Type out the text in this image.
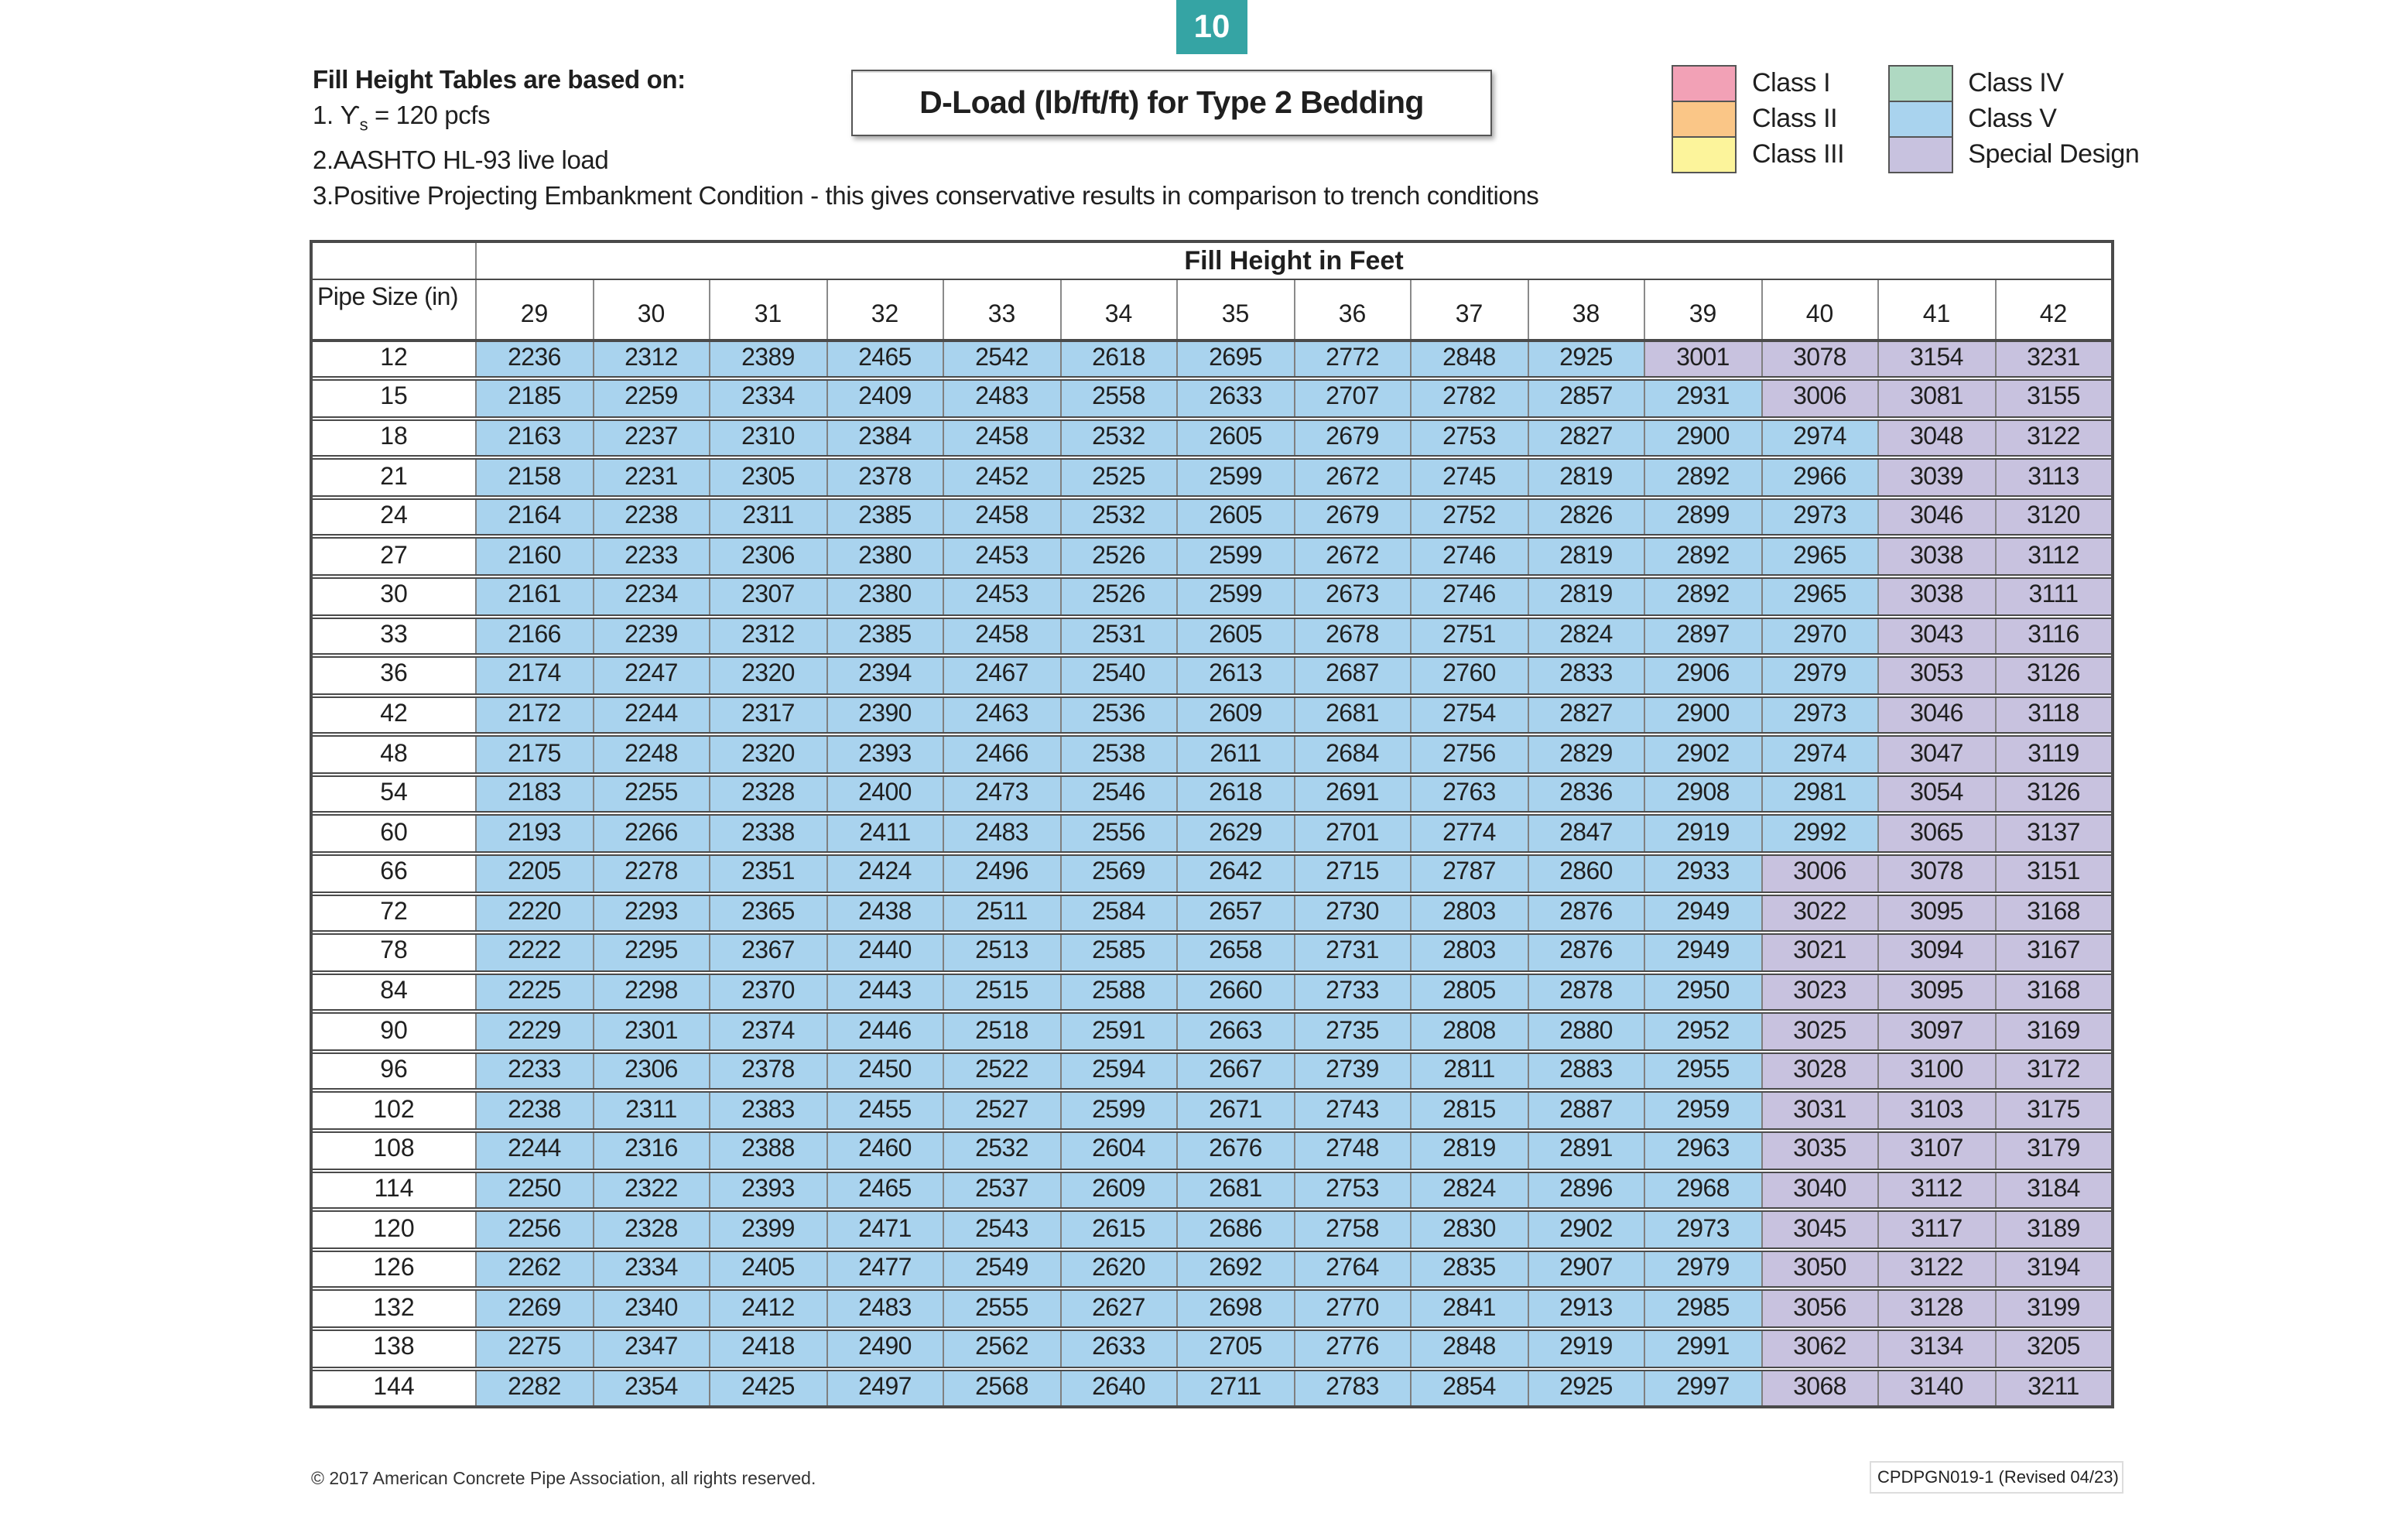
10
Fill Height Tables are based on:
1. $ϒ_s = 120$ pcfs
2.AASHTO HL-93 live load
3.Positive Projecting Embankment Condition - this gives conservative results in comparison to trench conditions
D-Load (lb/ft/ft) for Type 2 Bedding
Class I
Class II
Class III
Class IV
Class V
Special Design
Fill Height in Feet
Pipe Size (in)
29	30	31	32	33	34	35	36	37	38	39	40	41	42
12	2236	2312	2389	2465	2542	2618	2695	2772	2848	2925	3001	3078	3154	3231
15	2185	2259	2334	2409	2483	2558	2633	2707	2782	2857	2931	3006	3081	3155
18	2163	2237	2310	2384	2458	2532	2605	2679	2753	2827	2900	2974	3048	3122
21	2158	2231	2305	2378	2452	2525	2599	2672	2745	2819	2892	2966	3039	3113
24	2164	2238	2311	2385	2458	2532	2605	2679	2752	2826	2899	2973	3046	3120
27	2160	2233	2306	2380	2453	2526	2599	2672	2746	2819	2892	2965	3038	3112
30	2161	2234	2307	2380	2453	2526	2599	2673	2746	2819	2892	2965	3038	3111
33	2166	2239	2312	2385	2458	2531	2605	2678	2751	2824	2897	2970	3043	3116
36	2174	2247	2320	2394	2467	2540	2613	2687	2760	2833	2906	2979	3053	3126
42	2172	2244	2317	2390	2463	2536	2609	2681	2754	2827	2900	2973	3046	3118
48	2175	2248	2320	2393	2466	2538	2611	2684	2756	2829	2902	2974	3047	3119
54	2183	2255	2328	2400	2473	2546	2618	2691	2763	2836	2908	2981	3054	3126
60	2193	2266	2338	2411	2483	2556	2629	2701	2774	2847	2919	2992	3065	3137
66	2205	2278	2351	2424	2496	2569	2642	2715	2787	2860	2933	3006	3078	3151
72	2220	2293	2365	2438	2511	2584	2657	2730	2803	2876	2949	3022	3095	3168
78	2222	2295	2367	2440	2513	2585	2658	2731	2803	2876	2949	3021	3094	3167
84	2225	2298	2370	2443	2515	2588	2660	2733	2805	2878	2950	3023	3095	3168
90	2229	2301	2374	2446	2518	2591	2663	2735	2808	2880	2952	3025	3097	3169
96	2233	2306	2378	2450	2522	2594	2667	2739	2811	2883	2955	3028	3100	3172
102	2238	2311	2383	2455	2527	2599	2671	2743	2815	2887	2959	3031	3103	3175
108	2244	2316	2388	2460	2532	2604	2676	2748	2819	2891	2963	3035	3107	3179
114	2250	2322	2393	2465	2537	2609	2681	2753	2824	2896	2968	3040	3112	3184
120	2256	2328	2399	2471	2543	2615	2686	2758	2830	2902	2973	3045	3117	3189
126	2262	2334	2405	2477	2549	2620	2692	2764	2835	2907	2979	3050	3122	3194
132	2269	2340	2412	2483	2555	2627	2698	2770	2841	2913	2985	3056	3128	3199
138	2275	2347	2418	2490	2562	2633	2705	2776	2848	2919	2991	3062	3134	3205
144	2282	2354	2425	2497	2568	2640	2711	2783	2854	2925	2997	3068	3140	3211
© 2017 American Concrete Pipe Association, all rights reserved.	CPDPGN019-1 (Revised 04/23)
